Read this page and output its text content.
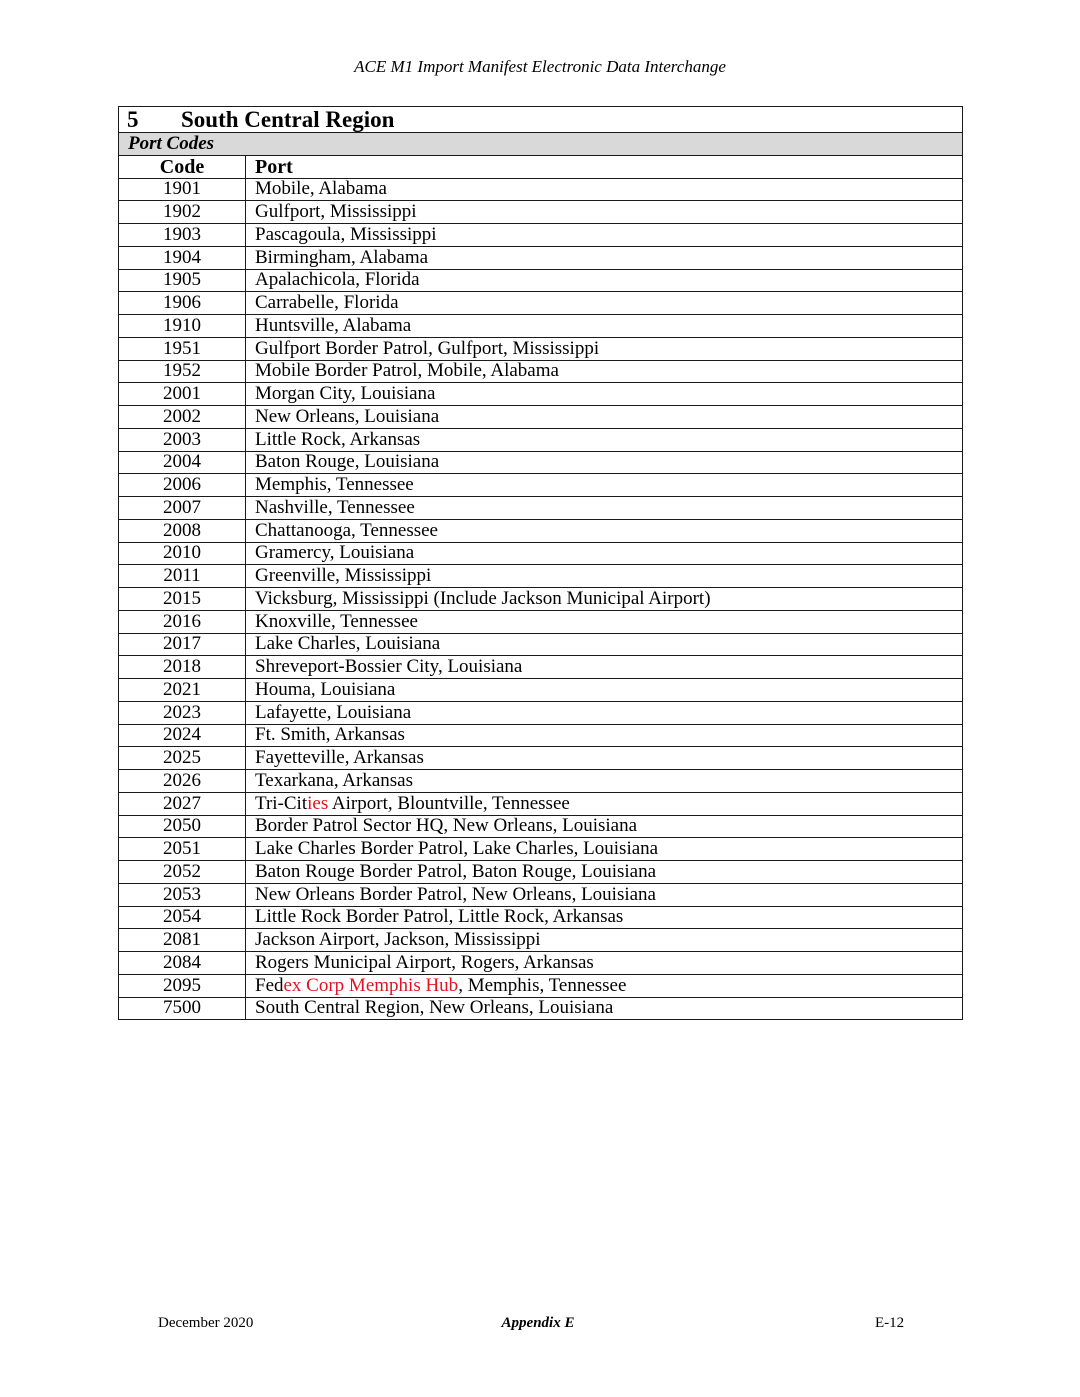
ACE M1 Import Manifest Electronic Data Interchange
5 South Central Region	
Port Codes	
Code	Port
1901	Mobile, Alabama
1902	Gulfport, Mississippi
1903	Pascagoula, Mississippi
1904	Birmingham, Alabama
1905	Apalachicola, Florida
1906	Carrabelle, Florida
1910	Huntsville, Alabama
1951	Gulfport Border Patrol, Gulfport, Mississippi
1952	Mobile Border Patrol, Mobile, Alabama
2001	Morgan City, Louisiana
2002	New Orleans, Louisiana
2003	Little Rock, Arkansas
2004	Baton Rouge, Louisiana
2006	Memphis, Tennessee
2007	Nashville, Tennessee
2008	Chattanooga, Tennessee
2010	Gramercy, Louisiana
2011	Greenville, Mississippi
2015	Vicksburg, Mississippi (Include Jackson Municipal Airport)
2016	Knoxville, Tennessee
2017	Lake Charles, Louisiana
2018	Shreveport-Bossier City, Louisiana
2021	Houma, Louisiana
2023	Lafayette, Louisiana
2024	Ft. Smith, Arkansas
2025	Fayetteville, Arkansas
2026	Texarkana, Arkansas
2027	Tri-Cities Airport, Blountville, Tennessee
2050	Border Patrol Sector HQ, New Orleans, Louisiana
2051	Lake Charles Border Patrol, Lake Charles, Louisiana
2052	Baton Rouge Border Patrol, Baton Rouge, Louisiana
2053	New Orleans Border Patrol, New Orleans, Louisiana
2054	Little Rock Border Patrol, Little Rock, Arkansas
2081	Jackson Airport, Jackson, Mississippi
2084	Rogers Municipal Airport, Rogers, Arkansas
2095	Fedex Corp Memphis Hub, Memphis, Tennessee
7500	South Central Region, New Orleans, Louisiana
December 2020	Appendix E	E-12
